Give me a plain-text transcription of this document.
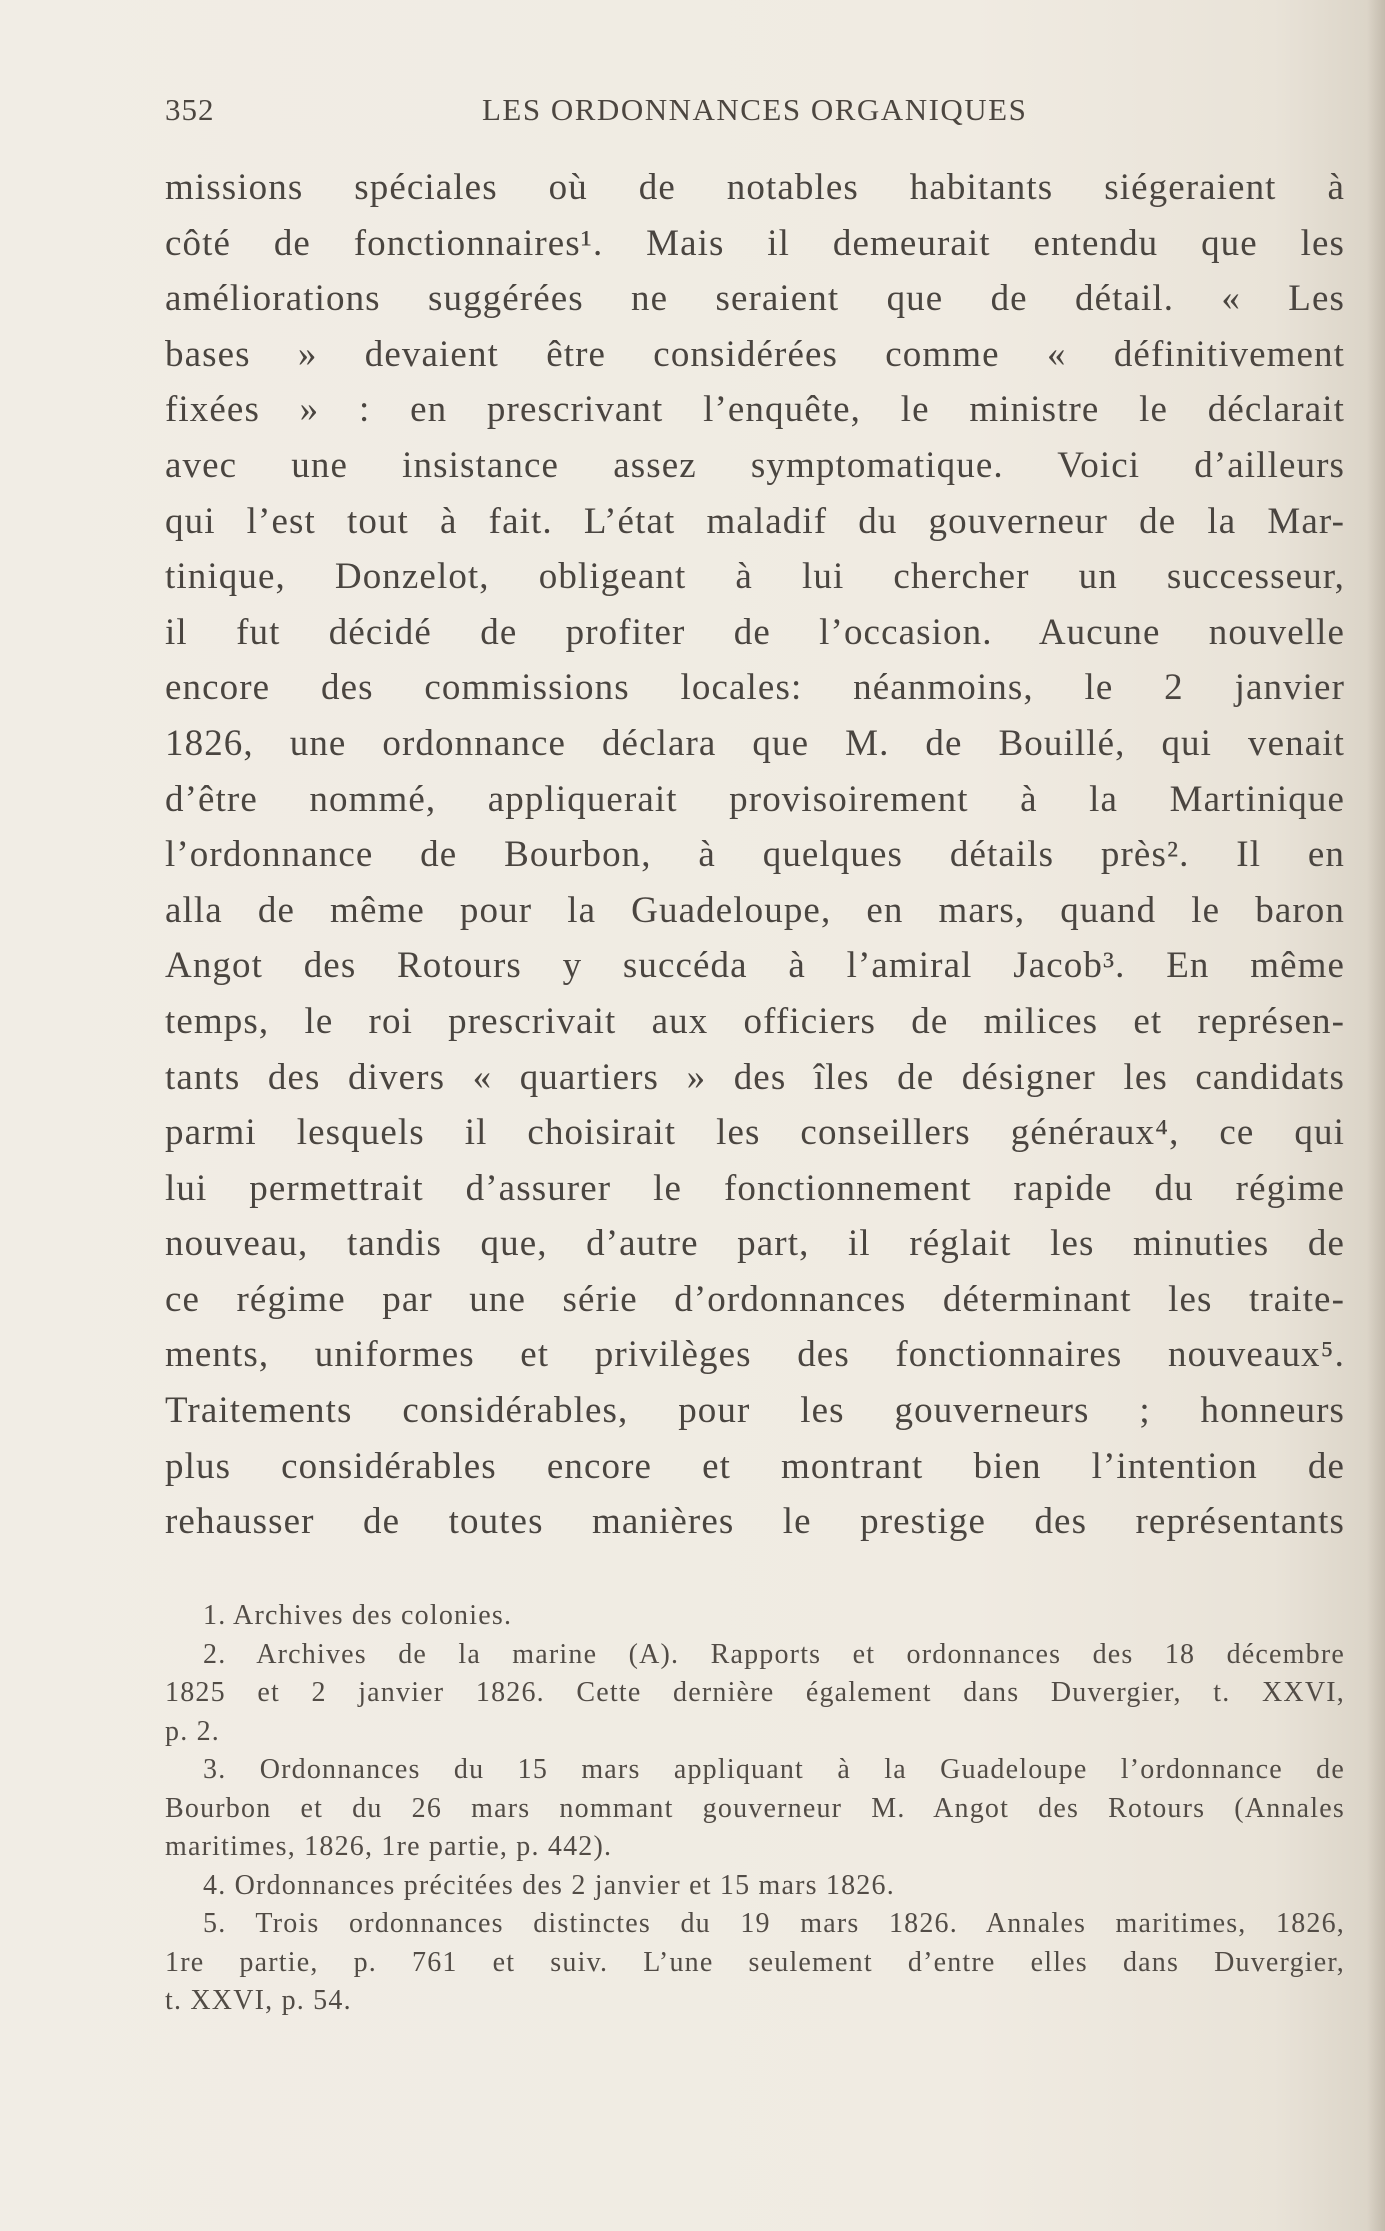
352	LES ORDONNANCES ORGANIQUES
missions spéciales où de notables habitants siégeraient à
côté de fonctionnaires¹. Mais il demeurait entendu que les
améliorations suggérées ne seraient que de détail. « Les
bases » devaient être considérées comme « définitivement
fixées » : en prescrivant l’enquête, le ministre le déclarait
avec une insistance assez symptomatique. Voici d’ailleurs
qui l’est tout à fait. L’état maladif du gouverneur de la Mar-
tinique, Donzelot, obligeant à lui chercher un successeur,
il fut décidé de profiter de l’occasion. Aucune nouvelle
encore des commissions locales: néanmoins, le 2 janvier
1826, une ordonnance déclara que M. de Bouillé, qui venait
d’être nommé, appliquerait provisoirement à la Martinique
l’ordonnance de Bourbon, à quelques détails près². Il en
alla de même pour la Guadeloupe, en mars, quand le baron
Angot des Rotours y succéda à l’amiral Jacob³. En même
temps, le roi prescrivait aux officiers de milices et représen-
tants des divers « quartiers » des îles de désigner les candidats
parmi lesquels il choisirait les conseillers généraux⁴, ce qui
lui permettrait d’assurer le fonctionnement rapide du régime
nouveau, tandis que, d’autre part, il réglait les minuties de
ce régime par une série d’ordonnances déterminant les traite-
ments, uniformes et privilèges des fonctionnaires nouveaux⁵.
Traitements considérables, pour les gouverneurs ; honneurs
plus considérables encore et montrant bien l’intention de
rehausser de toutes manières le prestige des représentants
1. Archives des colonies.
2. Archives de la marine (A). Rapports et ordonnances des 18 décembre
1825 et 2 janvier 1826. Cette dernière également dans Duvergier, t. XXVI,
p. 2.
3. Ordonnances du 15 mars appliquant à la Guadeloupe l’ordonnance de
Bourbon et du 26 mars nommant gouverneur M. Angot des Rotours (Annales
maritimes, 1826, 1re partie, p. 442).
4. Ordonnances précitées des 2 janvier et 15 mars 1826.
5. Trois ordonnances distinctes du 19 mars 1826. Annales maritimes, 1826,
1re partie, p. 761 et suiv. L’une seulement d’entre elles dans Duvergier,
t. XXVI, p. 54.
